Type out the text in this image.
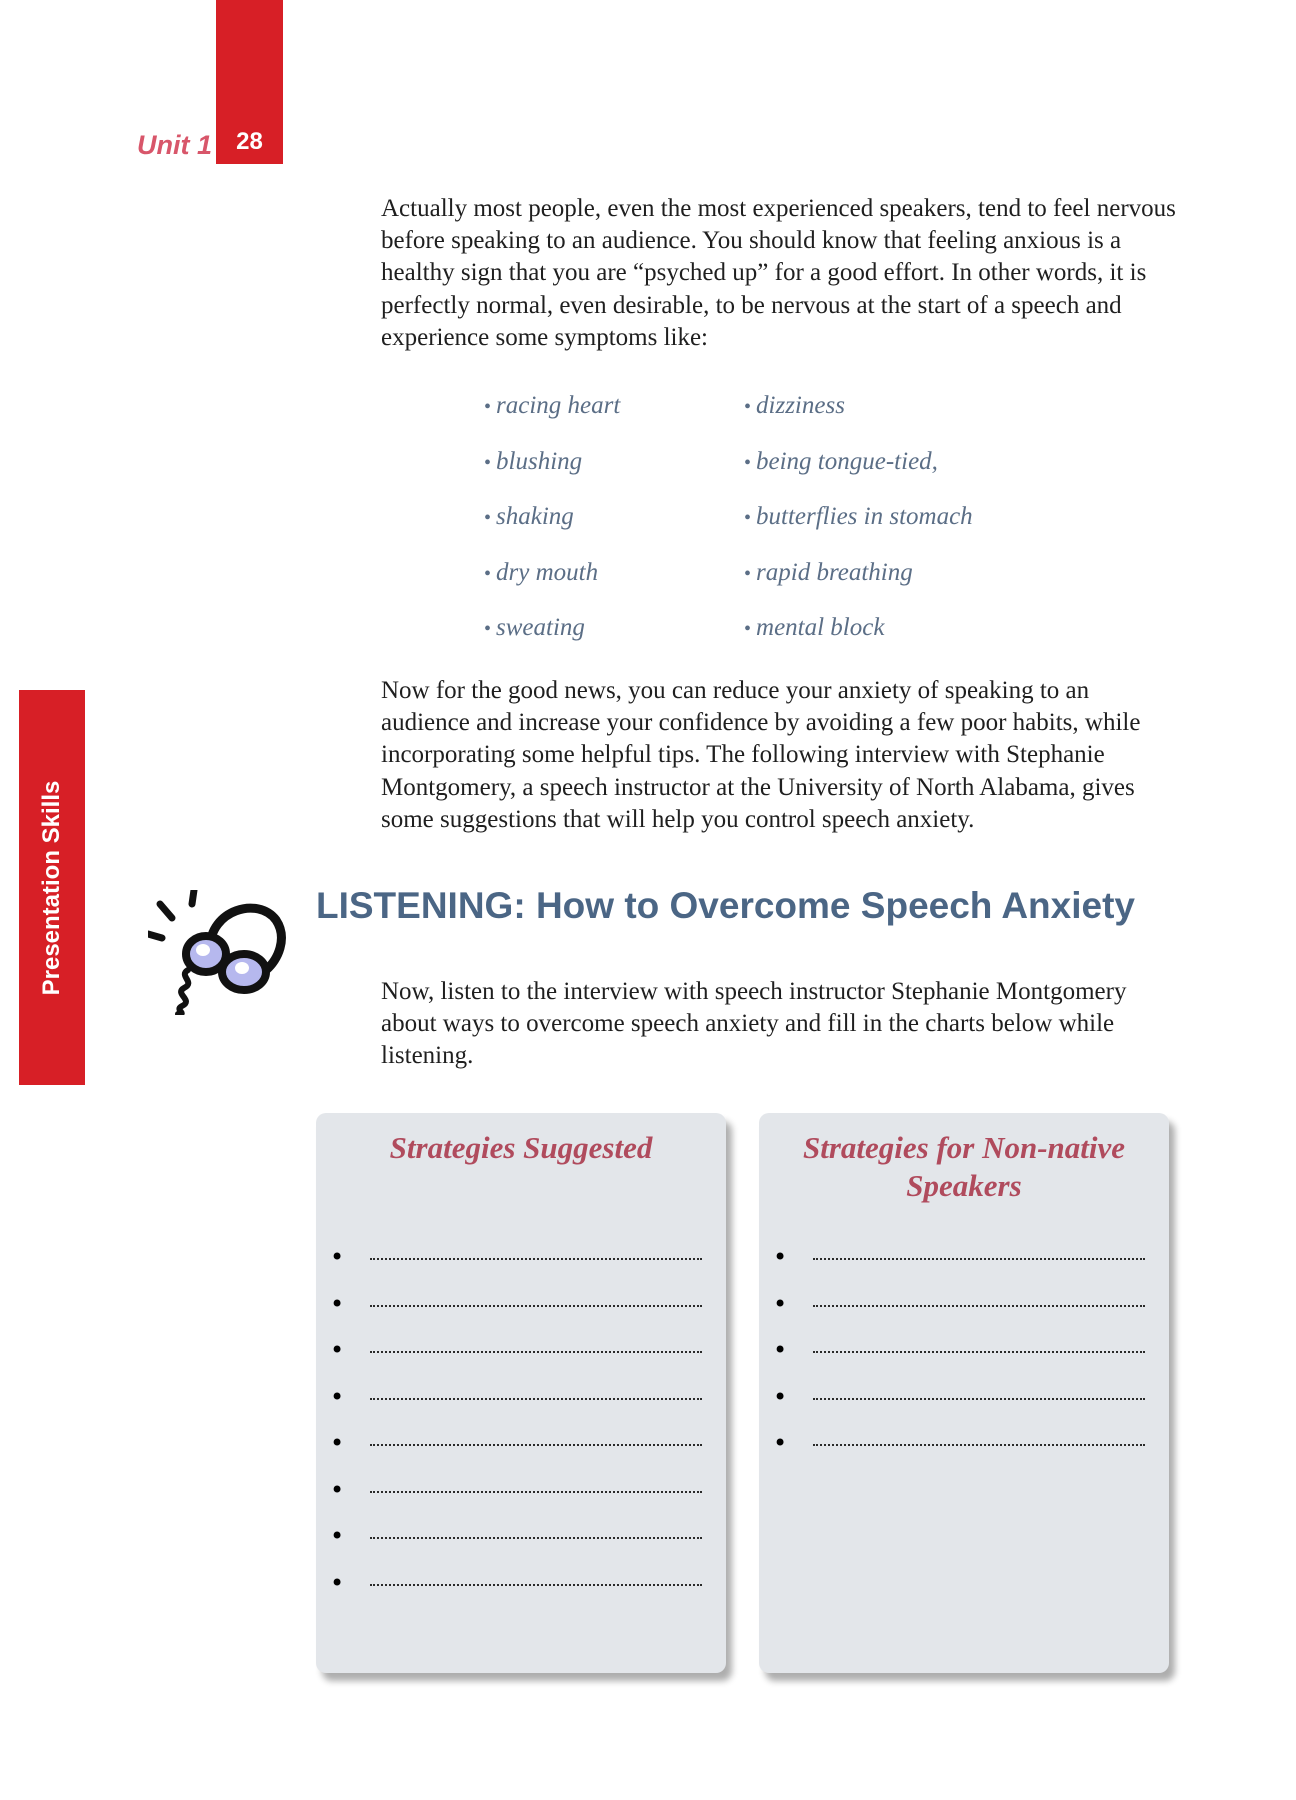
28
Unit 1
Presentation Skills

Actually most people, even the most experienced speakers, tend to feel nervous before speaking to an audience. You should know that feeling anxious is a healthy sign that you are “psyched up” for a good effort. In other words, it is perfectly normal, even desirable, to be nervous at the start of a speech and experience some symptoms like:

• racing heart
• blushing
• shaking
• dry mouth
• sweating
• dizziness
• being tongue-tied,
• butterflies in stomach
• rapid breathing
• mental block

Now for the good news, you can reduce your anxiety of speaking to an audience and increase your confidence by avoiding a few poor habits, while incorporating some helpful tips. The following interview with Stephanie Montgomery, a speech instructor at the University of North Alabama, gives some suggestions that will help you control speech anxiety.

LISTENING: How to Overcome Speech Anxiety

Now, listen to the interview with speech instructor Stephanie Montgomery about ways to overcome speech anxiety and fill in the charts below while listening.

Strategies Suggested
•
•
•
•
•
•
•
•
Strategies for Non-native Speakers
•
•
•
•
•
